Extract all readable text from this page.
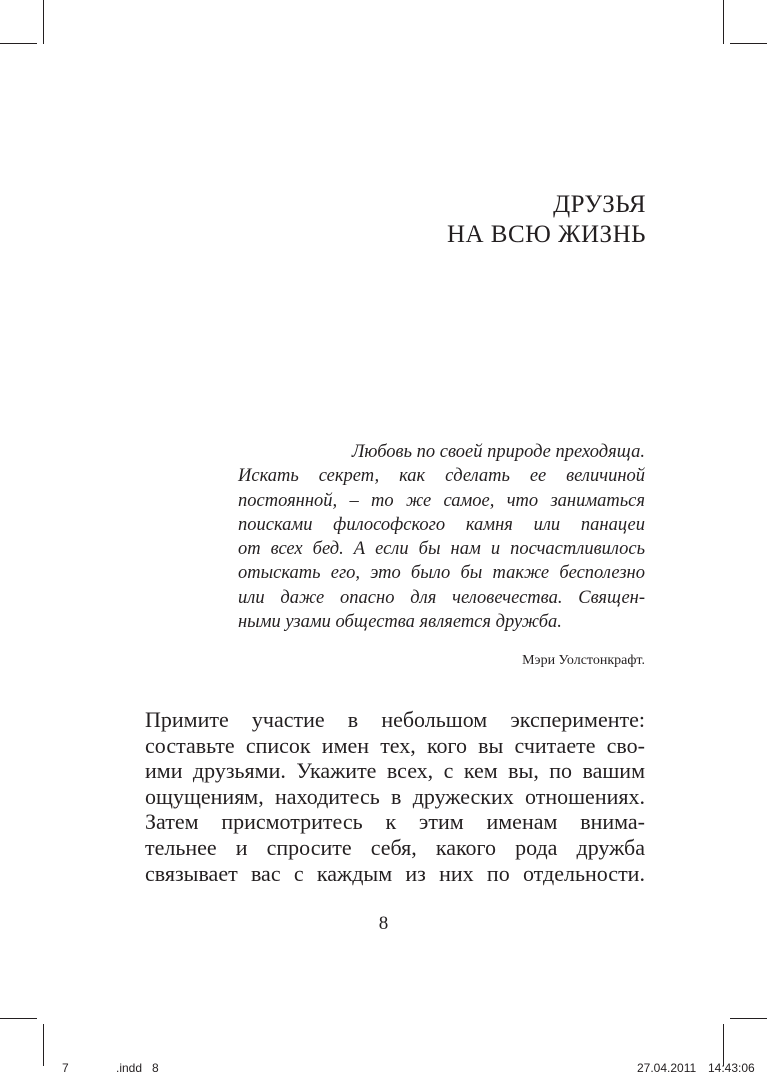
ДРУЗЬЯ
НА ВСЮ ЖИЗНЬ
Любовь по своей природе преходяща.
Искать секрет, как сделать ее величиной
постоянной, – то же самое, что заниматься
поисками философского камня или панацеи
от всех бед. А если бы нам и посчастливилось
отыскать его, это было бы также бесполезно
или даже опасно для человечества. Священ-
ными узами общества является дружба.
Мэри Уолстонкрафт.
Примите участие в небольшом эксперименте:
составьте список имен тех, кого вы считаете сво-
ими друзьями. Укажите всех, с кем вы, по вашим
ощущениям, находитесь в дружеских отношениях.
Затем присмотритесь к этим именам внима-
тельнее и спросите себя, какого рода дружба
связывает вас с каждым из них по отдельности.
8
7	.indd 8	27.04.2011 14:43:06
